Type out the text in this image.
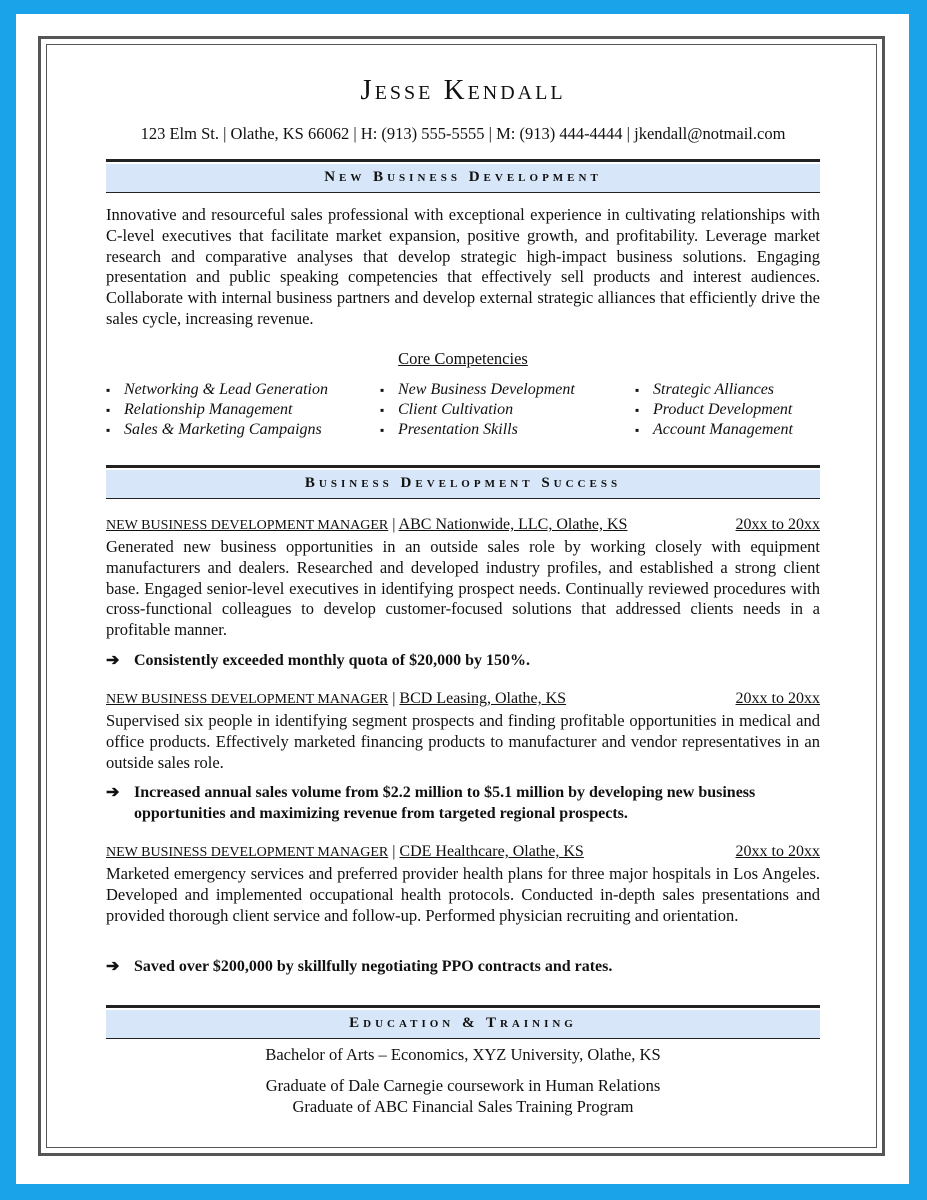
Jesse Kendall
123 Elm St. | Olathe, KS 66062 | H: (913) 555-5555 | M: (913) 444-4444 | jkendall@notmail.com
New Business Development
Innovative and resourceful sales professional with exceptional experience in cultivating relationships with C-level executives that facilitate market expansion, positive growth, and profitability. Leverage market research and comparative analyses that develop strategic high-impact business solutions. Engaging presentation and public speaking competencies that effectively sell products and interest audiences. Collaborate with internal business partners and develop external strategic alliances that efficiently drive the sales cycle, increasing revenue.
Core Competencies
▪ Networking & Lead Generation
▪ Relationship Management
▪ Sales & Marketing Campaigns
▪ New Business Development
▪ Client Cultivation
▪ Presentation Skills
▪ Strategic Alliances
▪ Product Development
▪ Account Management
Business Development Success
NEW BUSINESS DEVELOPMENT MANAGER | ABC Nationwide, LLC, Olathe, KS	20xx to 20xx
Generated new business opportunities in an outside sales role by working closely with equipment manufacturers and dealers. Researched and developed industry profiles, and established a strong client base. Engaged senior-level executives in identifying prospect needs. Continually reviewed procedures with cross-functional colleagues to develop customer-focused solutions that addressed clients needs in a profitable manner.
➔ Consistently exceeded monthly quota of $20,000 by 150%.
NEW BUSINESS DEVELOPMENT MANAGER | BCD Leasing, Olathe, KS	20xx to 20xx
Supervised six people in identifying segment prospects and finding profitable opportunities in medical and office products. Effectively marketed financing products to manufacturer and vendor representatives in an outside sales role.
➔ Increased annual sales volume from $2.2 million to $5.1 million by developing new business opportunities and maximizing revenue from targeted regional prospects.
NEW BUSINESS DEVELOPMENT MANAGER | CDE Healthcare, Olathe, KS	20xx to 20xx
Marketed emergency services and preferred provider health plans for three major hospitals in Los Angeles. Developed and implemented occupational health protocols. Conducted in-depth sales presentations and provided thorough client service and follow-up. Performed physician recruiting and orientation.
➔ Saved over $200,000 by skillfully negotiating PPO contracts and rates.
Education & Training
Bachelor of Arts – Economics, XYZ University, Olathe, KS
Graduate of Dale Carnegie coursework in Human Relations
Graduate of ABC Financial Sales Training Program
